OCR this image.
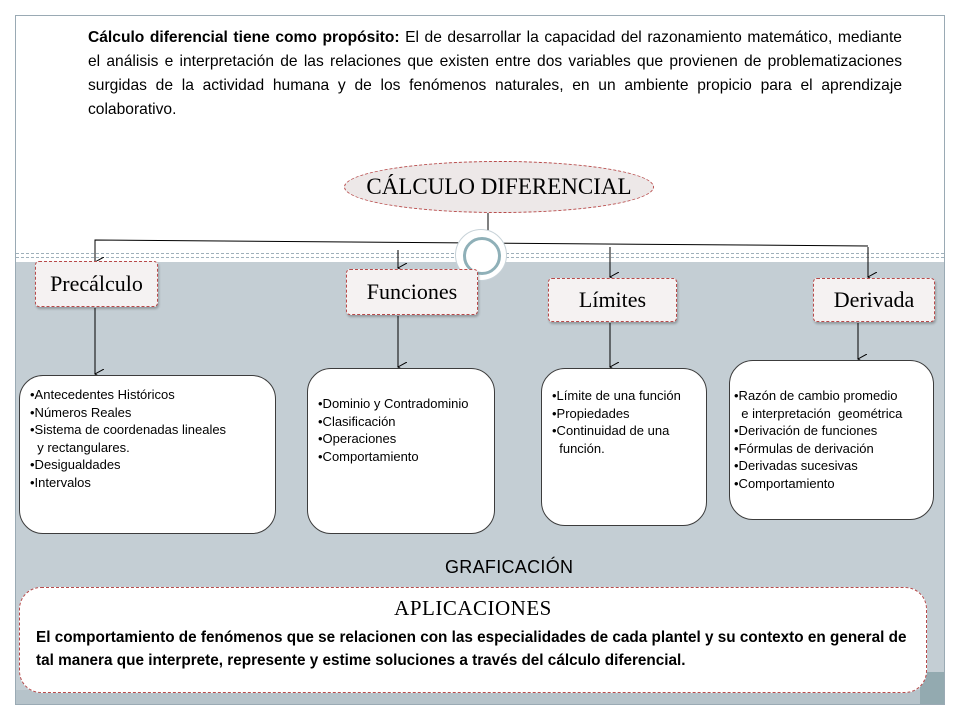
Cálculo diferencial tiene como propósito: El de desarrollar la capacidad del razonamiento matemático, mediante el análisis e interpretación de las relaciones que existen entre dos variables que provienen de problematizaciones surgidas de la actividad humana y de los fenómenos naturales, en un ambiente propicio para el aprendizaje colaborativo.
CÁLCULO DIFERENCIAL
Precálculo	Funciones	Límites	Derivada
•Antecedentes Históricos
•Números Reales
•Sistema de coordenadas lineales
y rectangulares.
•Desigualdades
•Intervalos
•Dominio y Contradominio
•Clasificación
•Operaciones
•Comportamiento
•Límite de una función
•Propiedades
•Continuidad de una
función.
•Razón de cambio promedio
e interpretación  geométrica
•Derivación de funciones
•Fórmulas de derivación
•Derivadas sucesivas
•Comportamiento
GRAFICACIÓN
APLICACIONES
El comportamiento de fenómenos que se relacionen con las especialidades de cada plantel y su contexto en general de tal manera que interprete, represente y estime soluciones a través del cálculo diferencial.
